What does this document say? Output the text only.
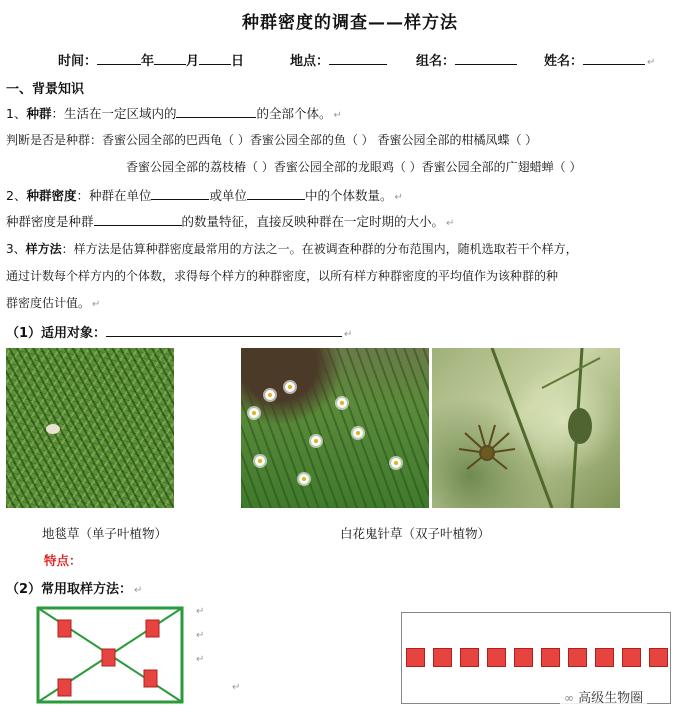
种群密度的调查——样方法
时间：	年 月 日	地点：	组名：	姓名：	↵
一、背景知识
1、种群：生活在一定区域内的	的全部个体。 ↵
判断是否是种群：香蜜公园全部的巴西龟（ ）香蜜公园全部的鱼（ ） 香蜜公园全部的柑橘凤蝶（ ）
香蜜公园全部的荔枝椿（ ）香蜜公园全部的龙眼鸡（ ）香蜜公园全部的广翅蜡蝉（ ）
2、种群密度：种群在单位	或单位	中的个体数量。 ↵
种群密度是种群	的数量特征，直接反映种群在一定时期的大小。 ↵
3、样方法：样方法是估算种群密度最常用的方法之一。在被调查种群的分布范围内，随机选取若干个样方，
通过计数每个样方内的个体数，求得每个样方的种群密度，以所有样方种群密度的平均值作为该种群的种
群密度估计值。 ↵
（1）适用对象：	↵
地毯草（单子叶植物）	白花鬼针草（双子叶植物）
特点：
（2）常用取样方法： ↵
↵
↵
↵
↵
∞ 高级生物圈
